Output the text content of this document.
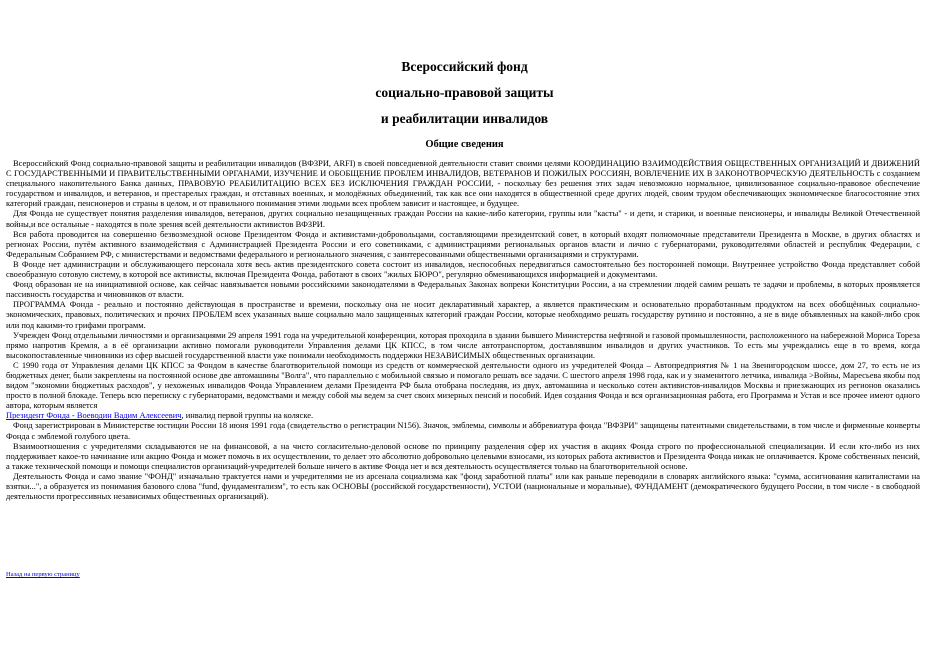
Всероссийский фонд
социально-правовой защиты
и реабилитации инвалидов
Общие сведения

Всероссийский Фонд социально-правовой защиты и реабилитации инвалидов (ВФЗРИ, ARFI) в своей повседневной деятельности ставит своими целями КООРДИНАЦИЮ ВЗАИМОДЕЙСТВИЯ ОБЩЕСТВЕННЫХ ОРГАНИЗАЦИЙ И ДВИЖЕНИЙ С ГОСУДАРСТВЕННЫМИ И ПРАВИТЕЛЬСТВЕННЫМИ ОРГАНАМИ, ИЗУЧЕНИЕ И ОБОБЩЕНИЕ ПРОБЛЕМ ИНВАЛИДОВ, ВЕТЕРАНОВ И ПОЖИЛЫХ РОССИЯН, ВОВЛЕЧЕНИЕ ИХ В ЗАКОНОТВОРЧЕСКУЮ ДЕЯТЕЛЬНОСТЬ с созданием специального накопительного Банка данных, ПРАВОВУЮ РЕАБИЛИТАЦИЮ ВСЕХ БЕЗ ИСКЛЮЧЕНИЯ ГРАЖДАН РОССИИ, - поскольку без решения этих задач невозможно нормальное, цивилизованное социально-правовое обеспечение государством и инвалидов, и ветеранов, и престарелых граждан, и отставных военных, и молодёжных объединений, так как все они находятся в общественной среде других людей, своим трудом обеспечивающих экономическое благосостояние этих категорий граждан, пенсионеров и страны в целом, и от правильного понимания этими людьми всех проблем зависит и настоящее, и будущее.

Для Фонда не существует понятия разделения инвалидов, ветеранов, других социально незащищенных граждан России на какие-либо категории, группы или "касты" - и дети, и старики, и военные пенсионеры, и инвалиды Великой Отечественной войны,и все остальные - находятся в поле зрения всей деятельности активистов ВФЗРИ.

Вся работа проводится на совершенно безвозмездной основе Президентом Фонда и активистами-добровольцами, составляющими президентский совет, в который входят полномочные представители Президента в Москве, в других областях и регионах России, путём активного взаимодействия с Администрацией Президента России и его советниками, с администрациями региональных органов власти и лично с губернаторами, руководителями областей и республик Федерации, с Федеральным Собранием РФ, с министерствами и ведомствами федерального и регионального значения, с заинтересованными общественными организациями и структурами.

В Фонде нет администрации и обслуживающего персонала хотя весь актив президентского совета состоит из инвалидов, неспособных передвигаться самостоятельно без посторонней помощи. Внутреннее устройство Фонда представляет собой своеобразную сотовую систему, в которой все активисты, включая Президента Фонда, работают в своих "жилых БЮРО", регулярно обменивающихся информацией и документами.

Фонд образован не на инициативной основе, как сейчас навязывается новыми российскими законодателями в Федеральных Законах вопреки Конституции России, а на стремлении людей самим решать те задачи и проблемы, в которых проявляется пассивность государства и чиновников от власти.

ПРОГРАММА Фонда - реально и постоянно действующая в пространстве и времени, поскольку она не носит декларативный характер, а является практическим и основательно проработанным продуктом на всех обобщённых социально-экономических, правовых, политических и прочих ПРОБЛЕМ всех указанных выше социально мало защищенных категорий граждан России, которые необходимо решать государству рутинно и постоянно, а не в виде объявленных на какой-либо срок или под какими-то грифами программ.

Учрежден Фонд отдельными личностями и организациями 29 апреля 1991 года на учредительной конференции, которая проходила в здании бывшего Министерства нефтяной и газовой промышленности, расположенного на набережной Мориса Тореза прямо напротив Кремля, а в её организации активно помогали руководители Управления делами ЦК КПСС, в том числе автотранспортом, доставлявшим инвалидов и других участников. То есть мы учреждались еще в то время, когда высокопоставленные чиновники из сфер высшей государственной власти уже понимали необходимость поддержки НЕЗАВИСИМЫХ общественных организации.

С 1990 года от Управления делами ЦК КПСС за Фондом в качестве благотворительной помощи из средств от коммерческой деятельности одного из учредителей Фонда – Автопредприятия № 1 на Звенигородском шоссе, дом 27, то есть не из бюджетных денег, были закреплены на постоянной основе две автомашины "Волга", что параллельно с мобильной связью и помогало решать все задачи. С шестого апреля 1998 года, как и у знаменитого летчика, инвалида >Войны, Маресьева якобы под видом "экономии бюджетных расходов", у нехоженых инвалидов Фонда Управлением делами Президента РФ была отобрана последняя, из двух, автомашина и несколько сотен активистов-инвалидов Москвы и приезжающих из регионов оказались просто в полной блокаде. Теперь всю переписку с губернаторами, ведомствами и между собой мы ведем за счет своих мизерных пенсий и пособий. Идея создания Фонда и вся организационная работа, его Программа и Устав и все прочее имеют одного автора, которым является
Президент Фонда - Воеводин Вадим Алексеевич, инвалид первой группы на коляске.

Фонд зарегистрирован в Министерстве юстиции России 18 июня 1991 года (свидетельство о регистрации N156). Значок, эмблемы, символы и аббревиатура фонда "ВФЗРИ" защищены патентными свидетельствами, в том числе и фирменные конверты Фонда с эмблемой голубого цвета.

Взаимоотношения с учредителями складываются не на финансовой, а на чисто согласительно-деловой основе по принципу разделения сфер их участия в акциях Фонда строго по профессиональной специализации. И если кто-либо из них поддерживает какое-то начинание или акцию Фонда и может помочь в их осуществлении, то делает это абсолютно добровольно целевыми взносами, из которых работа активистов и Президента Фонда никак не оплачивается. Кроме собственных пенсий, а также технической помощи и помощи специалистов организаций-учредителей больше ничего в активе Фонда нет и вся деятельность осуществляется только на благотворительной основе.

Деятельность Фонда и само звание "ФОНД" изначально трактуется нами и учредителями не из арсенала социализма как "фонд заработной платы" или как раньше переводили в словарях английского языка: "сумма, ассигнования капиталистами на взятки...", а образуется из понимания базового слова "fund, фундаментализм", то есть как ОСНОВЫ (российской государственности), УСТОИ (национальные и моральные), ФУНДАМЕНТ (демократического будущего России, в том числе - в свободной деятельности прогрессивных независимых общественных организаций).

Назад на первую страницу
